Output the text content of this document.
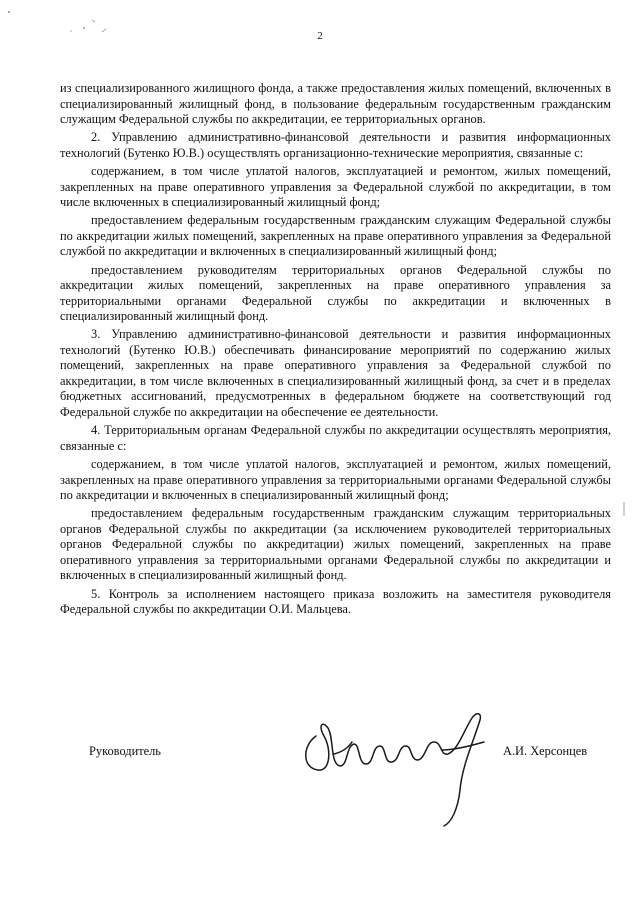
2

из специализированного жилищного фонда, а также предоставления жилых помещений, включенных в специализированный жилищный фонд, в пользование федеральным государственным гражданским служащим Федеральной службы по аккредитации, ее территориальных органов.

2. Управлению административно-финансовой деятельности и развития информационных технологий (Бутенко Ю.В.) осуществлять организационно-технические мероприятия, связанные с:

содержанием, в том числе уплатой налогов, эксплуатацией и ремонтом, жилых помещений, закрепленных на праве оперативного управления за Федеральной службой по аккредитации, в том числе включенных в специализированный жилищный фонд;

предоставлением федеральным государственным гражданским служащим Федеральной службы по аккредитации жилых помещений, закрепленных на праве оперативного управления за Федеральной службой по аккредитации и включенных в специализированный жилищный фонд;

предоставлением руководителям территориальных органов Федеральной службы по аккредитации жилых помещений, закрепленных на праве оперативного управления за территориальными органами Федеральной службы по аккредитации и включенных в специализированный жилищный фонд.

3. Управлению административно-финансовой деятельности и развития информационных технологий (Бутенко Ю.В.) обеспечивать финансирование мероприятий по содержанию жилых помещений, закрепленных на праве оперативного управления за Федеральной службой по аккредитации, в том числе включенных в специализированный жилищный фонд, за счет и в пределах бюджетных ассигнований, предусмотренных в федеральном бюджете на соответствующий год Федеральной службе по аккредитации на обеспечение ее деятельности.

4. Территориальным органам Федеральной службы по аккредитации осуществлять мероприятия, связанные с:

содержанием, в том числе уплатой налогов, эксплуатацией и ремонтом, жилых помещений, закрепленных на праве оперативного управления за территориальными органами Федеральной службы по аккредитации и включенных в специализированный жилищный фонд;

предоставлением федеральным государственным гражданским служащим территориальных органов Федеральной службы по аккредитации (за исключением руководителей территориальных органов Федеральной службы по аккредитации) жилых помещений, закрепленных на праве оперативного управления за территориальными органами Федеральной службы по аккредитации и включенных в специализированный жилищный фонд.

5. Контроль за исполнением настоящего приказа возложить на заместителя руководителя Федеральной службы по аккредитации О.И. Мальцева.

Руководитель	А.И. Херсонцев
